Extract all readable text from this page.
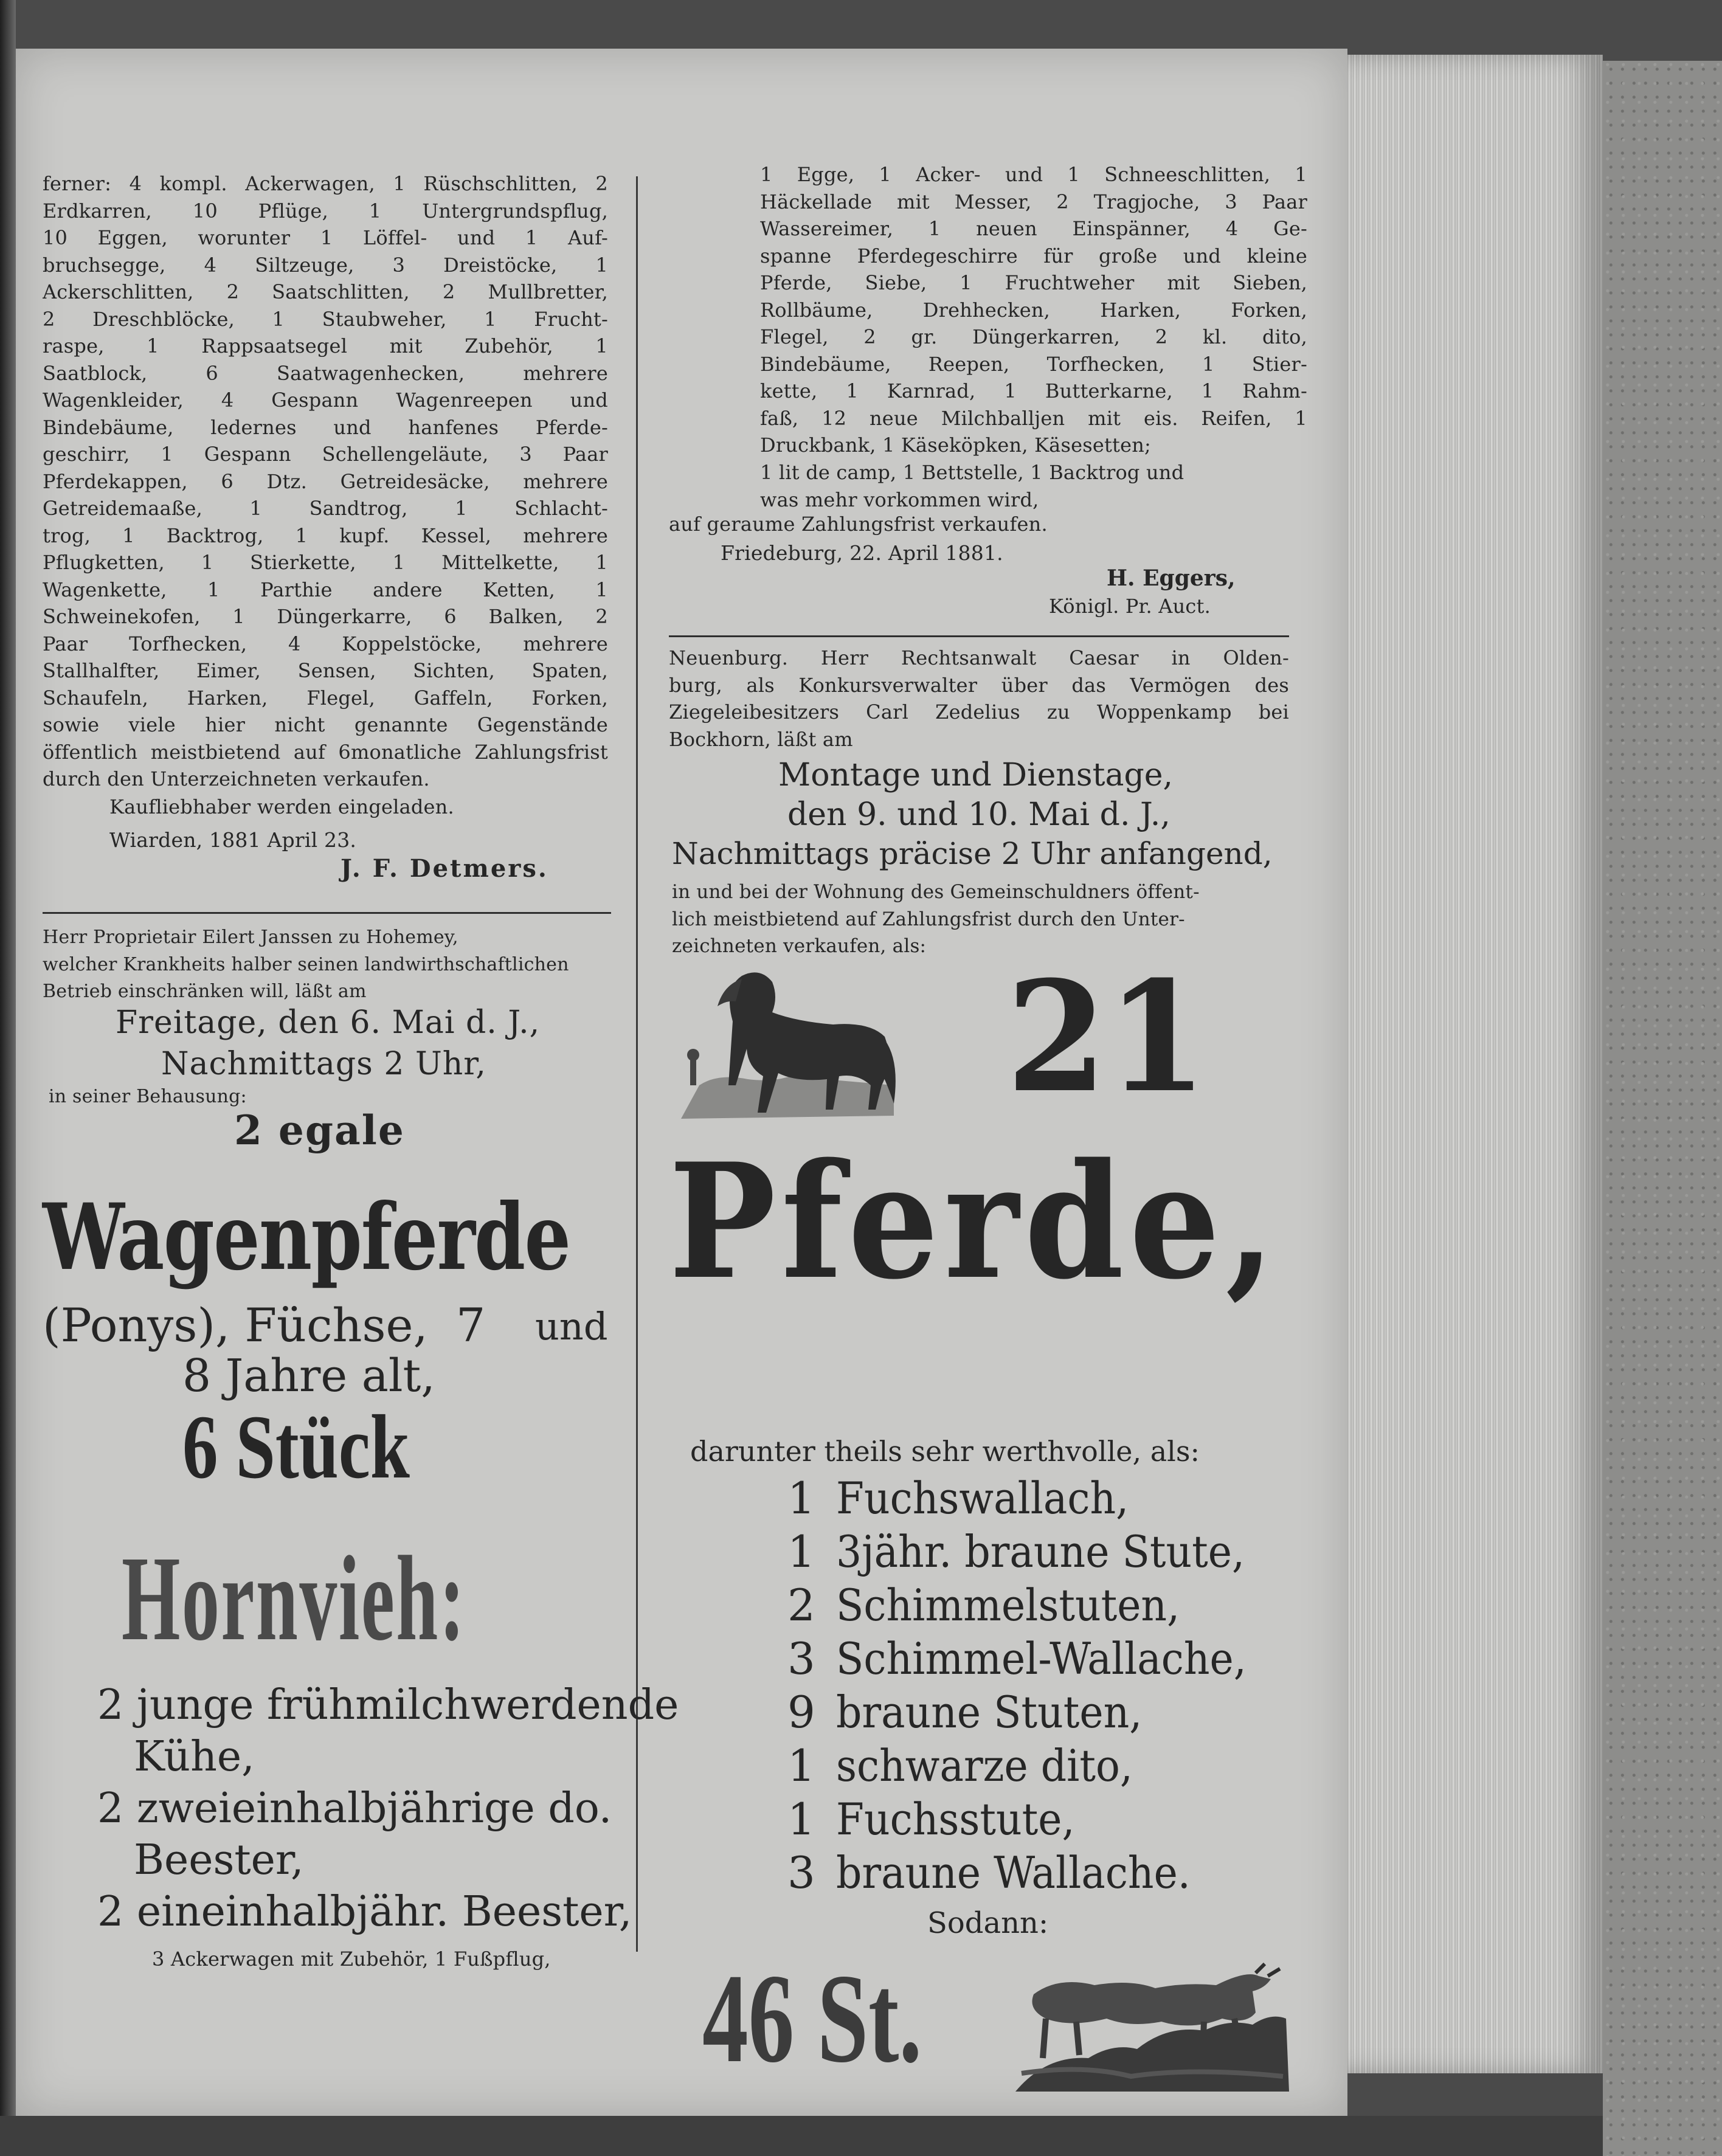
ferner: 4 kompl. Ackerwagen, 1 Rüschschlitten, 2
Erdkarren, 10 Pflüge, 1 Untergrundspflug,
10 Eggen, worunter 1 Löffel- und 1 Auf-
bruchsegge, 4 Siltzeuge, 3 Dreistöcke, 1
Ackerschlitten, 2 Saatschlitten, 2 Mullbretter,
2 Dreschblöcke, 1 Staubweher, 1 Frucht-
raspe, 1 Rappsaatsegel mit Zubehör, 1
Saatblock, 6 Saatwagenhecken, mehrere
Wagenkleider, 4 Gespann Wagenreepen und
Bindebäume, ledernes und hanfenes Pferde-
geschirr, 1 Gespann Schellengeläute, 3 Paar
Pferdekappen, 6 Dtz. Getreidesäcke, mehrere
Getreidemaaße, 1 Sandtrog, 1 Schlacht-
trog, 1 Backtrog, 1 kupf. Kessel, mehrere
Pflugketten, 1 Stierkette, 1 Mittelkette, 1
Wagenkette, 1 Parthie andere Ketten, 1
Schweinekofen, 1 Düngerkarre, 6 Balken, 2
Paar Torfhecken, 4 Koppelstöcke, mehrere
Stallhalfter, Eimer, Sensen, Sichten, Spaten,
Schaufeln, Harken, Flegel, Gaffeln, Forken,
sowie viele hier nicht genannte Gegenstände
öffentlich meistbietend auf 6monatliche Zahlungsfrist
durch den Unterzeichneten verkaufen.
Kaufliebhaber werden eingeladen.
Wiarden, 1881 April 23.
J. F. Detmers.
Herr Proprietair Eilert Janssen zu Hohemey,
welcher Krankheits halber seinen landwirthschaftlichen
Betrieb einschränken will, läßt am
Freitage, den 6. Mai d. J.,
Nachmittags 2 Uhr,
in seiner Behausung:
2 egale
Wagenpferde
(Ponys), Füchse, 7 und
8 Jahre alt,
6 Stück
Hornvieh:
2 junge frühmilchwerdende
Kühe,
2 zweieinhalbjährige do.
Beester,
2 eineinhalbjähr. Beester,
3 Ackerwagen mit Zubehör, 1 Fußpflug,
1 Egge, 1 Acker- und 1 Schneeschlitten, 1
Häckellade mit Messer, 2 Tragjoche, 3 Paar
Wassereimer, 1 neuen Einspänner, 4 Ge-
spanne Pferdegeschirre für große und kleine
Pferde, Siebe, 1 Fruchtweher mit Sieben,
Rollbäume, Drehhecken, Harken, Forken,
Flegel, 2 gr. Düngerkarren, 2 kl. dito,
Bindebäume, Reepen, Torfhecken, 1 Stier-
kette, 1 Karnrad, 1 Butterkarne, 1 Rahm-
faß, 12 neue Milchballjen mit eis. Reifen, 1
Druckbank, 1 Käseköpken, Käsesetten;
1 lit de camp, 1 Bettstelle, 1 Backtrog und
was mehr vorkommen wird,
auf geraume Zahlungsfrist verkaufen.
Friedeburg, 22. April 1881.
H. Eggers,
Königl. Pr. Auct.
Neuenburg. Herr Rechtsanwalt Caesar in Olden-
burg, als Konkursverwalter über das Vermögen des
Ziegeleibesitzers Carl Zedelius zu Woppenkamp bei
Bockhorn, läßt am
Montage und Dienstage,
den 9. und 10. Mai d. J.,
Nachmittags präcise 2 Uhr anfangend,
in und bei der Wohnung des Gemeinschuldners öffent-
lich meistbietend auf Zahlungsfrist durch den Unter-
zeichneten verkaufen, als:
21
Pferde,
darunter theils sehr werthvolle, als:
1 Fuchswallach,
1 3jähr. braune Stute,
2 Schimmelstuten,
3 Schimmel-Wallache,
9 braune Stuten,
1 schwarze dito,
1 Fuchsstute,
3 braune Wallache.
Sodann:
46 St.
